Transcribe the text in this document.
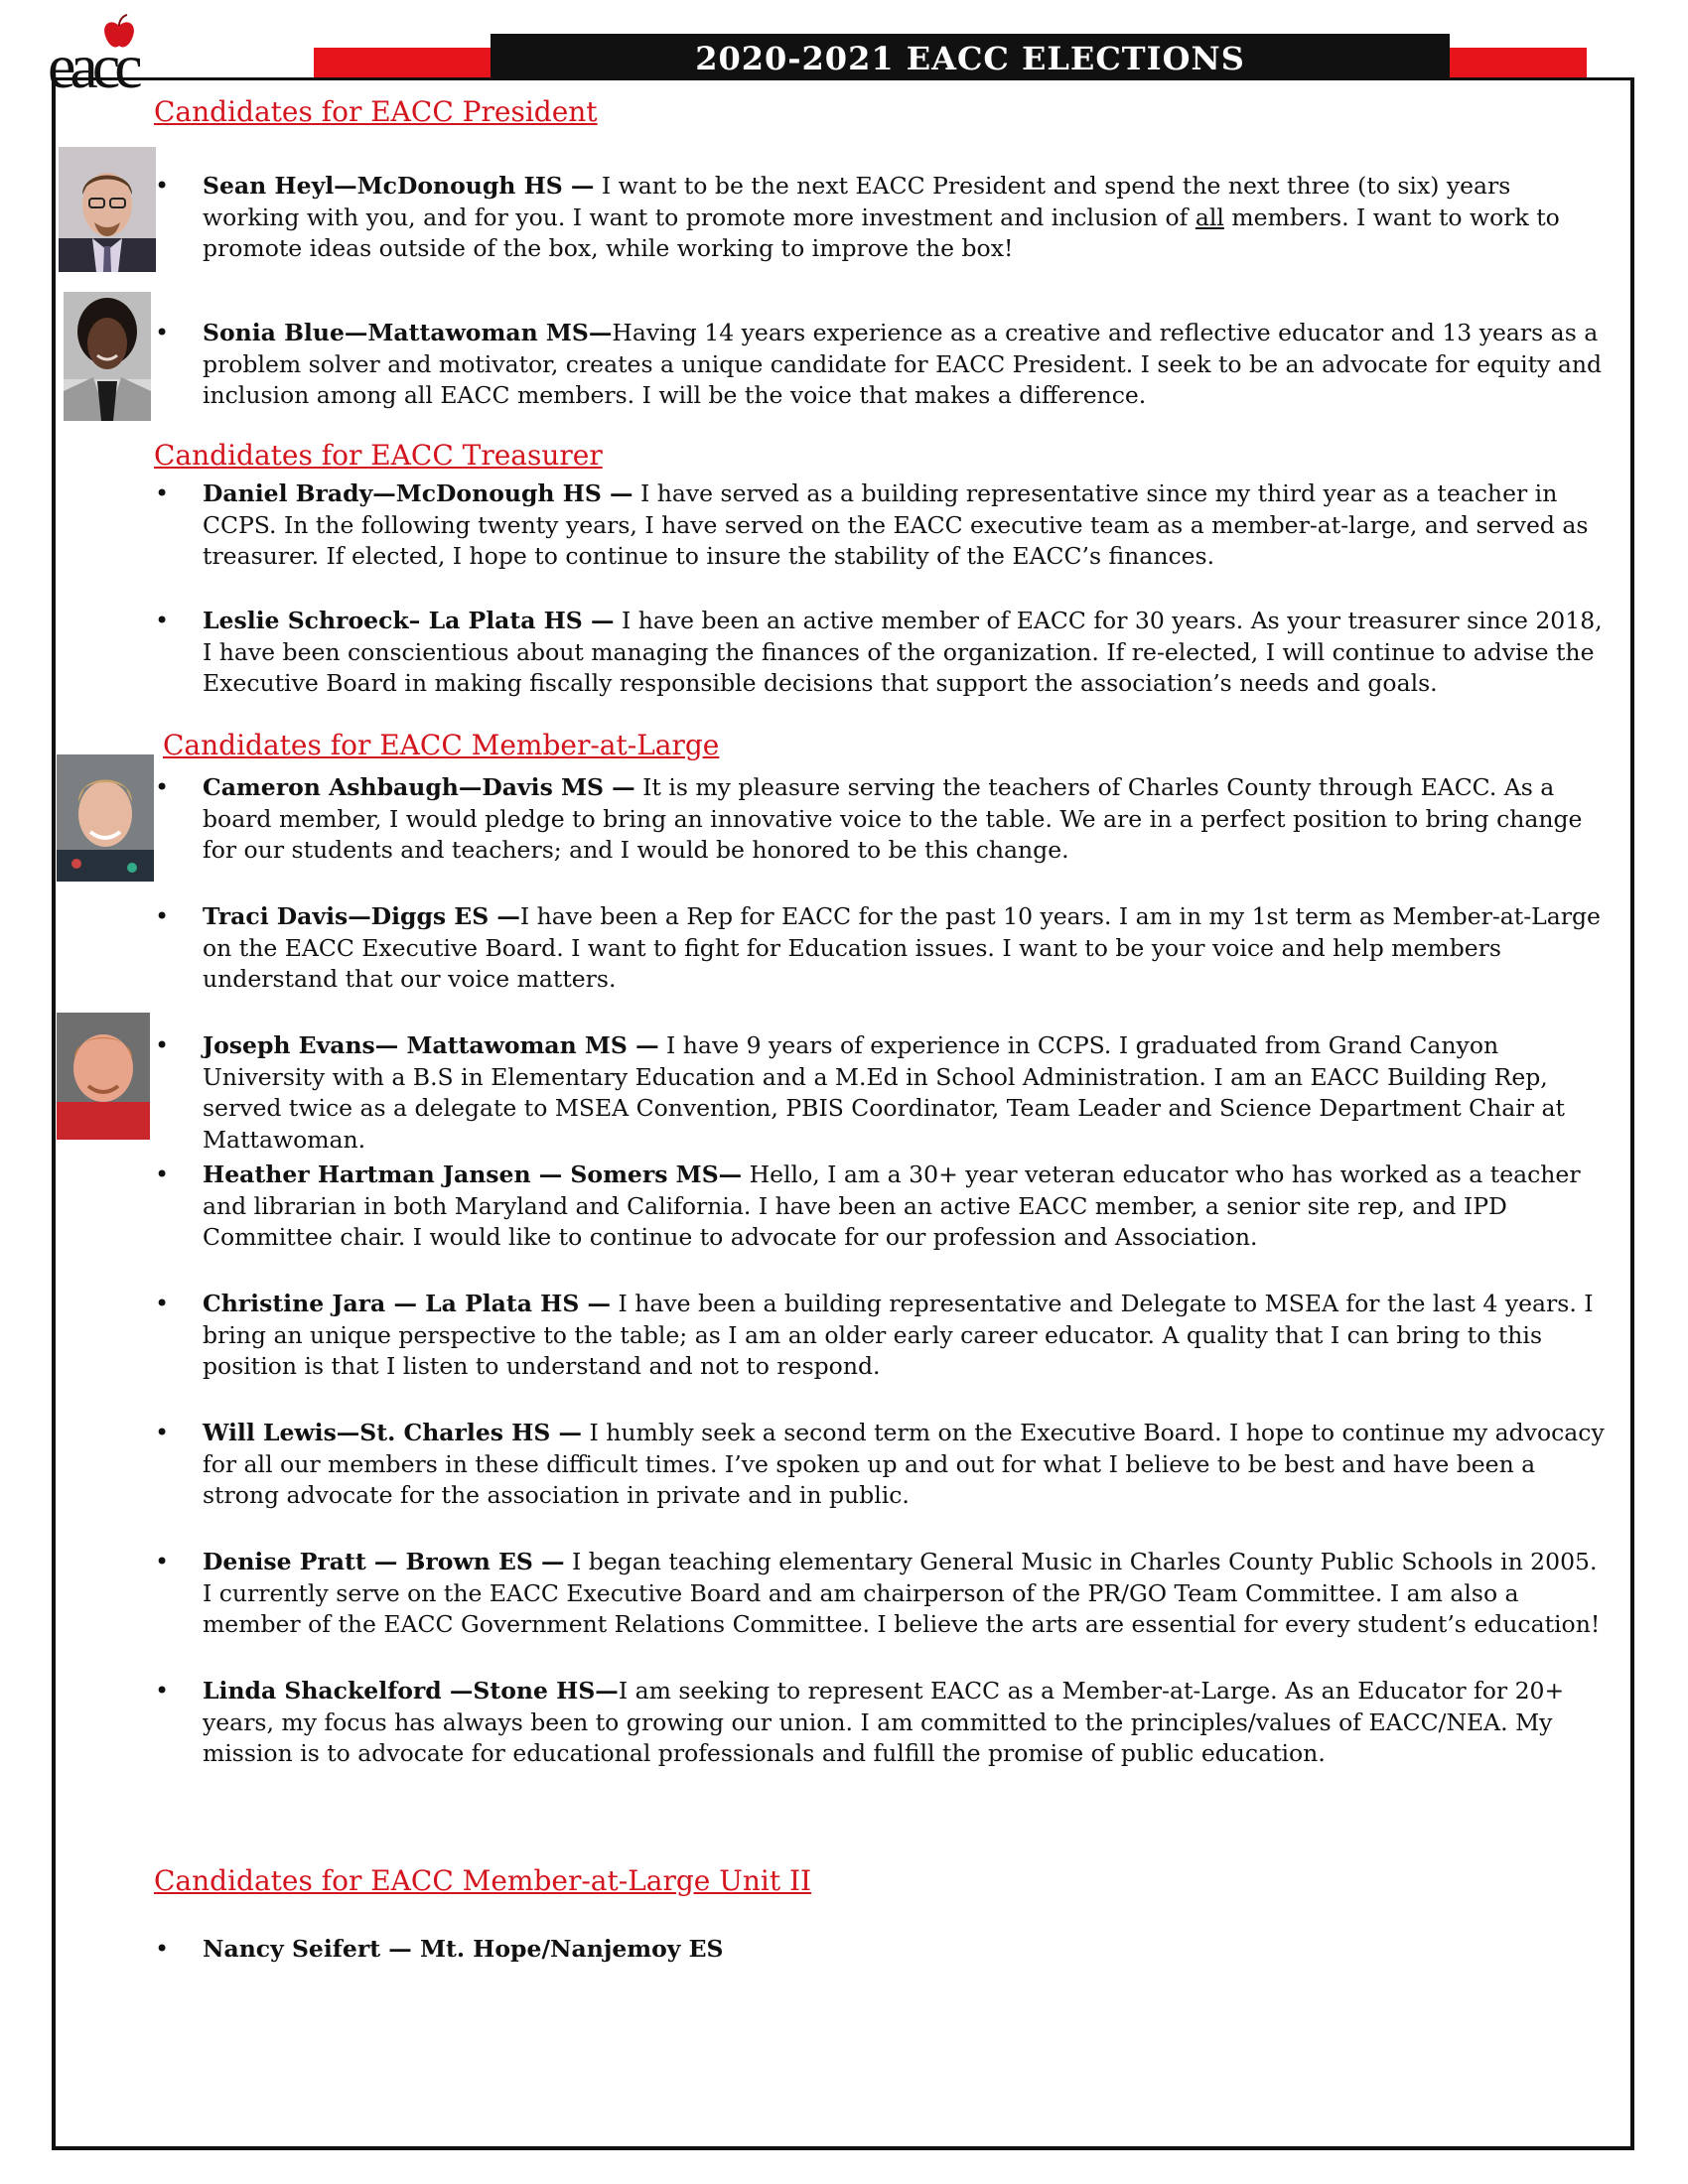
eacc	2020-2021 EACC ELECTIONS
Candidates for EACC President
• Sean Heyl—McDonough HS — I want to be the next EACC President and spend the next three (to six) years working with you, and for you. I want to promote more investment and inclusion of all members. I want to work to promote ideas outside of the box, while working to improve the box!
• Sonia Blue—Mattawoman MS—Having 14 years experience as a creative and reflective educator and 13 years as a problem solver and motivator, creates a unique candidate for EACC President. I seek to be an advocate for equity and inclusion among all EACC members. I will be the voice that makes a difference.
Candidates for EACC Treasurer
• Daniel Brady—McDonough HS — I have served as a building representative since my third year as a teacher in CCPS. In the following twenty years, I have served on the EACC executive team as a member-at-large, and served as treasurer. If elected, I hope to continue to insure the stability of the EACC’s finances.
• Leslie Schroeck– La Plata HS — I have been an active member of EACC for 30 years. As your treasurer since 2018, I have been conscientious about managing the finances of the organization. If re-elected, I will continue to advise the Executive Board in making fiscally responsible decisions that support the association’s needs and goals.
Candidates for EACC Member-at-Large
• Cameron Ashbaugh—Davis MS — It is my pleasure serving the teachers of Charles County through EACC. As a board member, I would pledge to bring an innovative voice to the table. We are in a perfect position to bring change for our students and teachers; and I would be honored to be this change.
• Traci Davis—Diggs ES —I have been a Rep for EACC for the past 10 years. I am in my 1st term as Member-at-Large on the EACC Executive Board. I want to fight for Education issues. I want to be your voice and help members understand that our voice matters.
• Joseph Evans— Mattawoman MS — I have 9 years of experience in CCPS. I graduated from Grand Canyon University with a B.S in Elementary Education and a M.Ed in School Administration. I am an EACC Building Rep, served twice as a delegate to MSEA Convention, PBIS Coordinator, Team Leader and Science Department Chair at Mattawoman.
• Heather Hartman Jansen — Somers MS— Hello, I am a 30+ year veteran educator who has worked as a teacher and librarian in both Maryland and California. I have been an active EACC member, a senior site rep, and IPD Committee chair. I would like to continue to advocate for our profession and Association.
• Christine Jara — La Plata HS — I have been a building representative and Delegate to MSEA for the last 4 years. I bring an unique perspective to the table; as I am an older early career educator. A quality that I can bring to this position is that I listen to understand and not to respond.
• Will Lewis—St. Charles HS — I humbly seek a second term on the Executive Board. I hope to continue my advocacy for all our members in these difficult times. I’ve spoken up and out for what I believe to be best and have been a strong advocate for the association in private and in public.
• Denise Pratt — Brown ES — I began teaching elementary General Music in Charles County Public Schools in 2005. I currently serve on the EACC Executive Board and am chairperson of the PR/GO Team Committee. I am also a member of the EACC Government Relations Committee. I believe the arts are essential for every student’s education!
• Linda Shackelford —Stone HS—I am seeking to represent EACC as a Member-at-Large. As an Educator for 20+ years, my focus has always been to growing our union. I am committed to the principles/values of EACC/NEA. My mission is to advocate for educational professionals and fulfill the promise of public education.
Candidates for EACC Member-at-Large Unit II
• Nancy Seifert — Mt. Hope/Nanjemoy ES
